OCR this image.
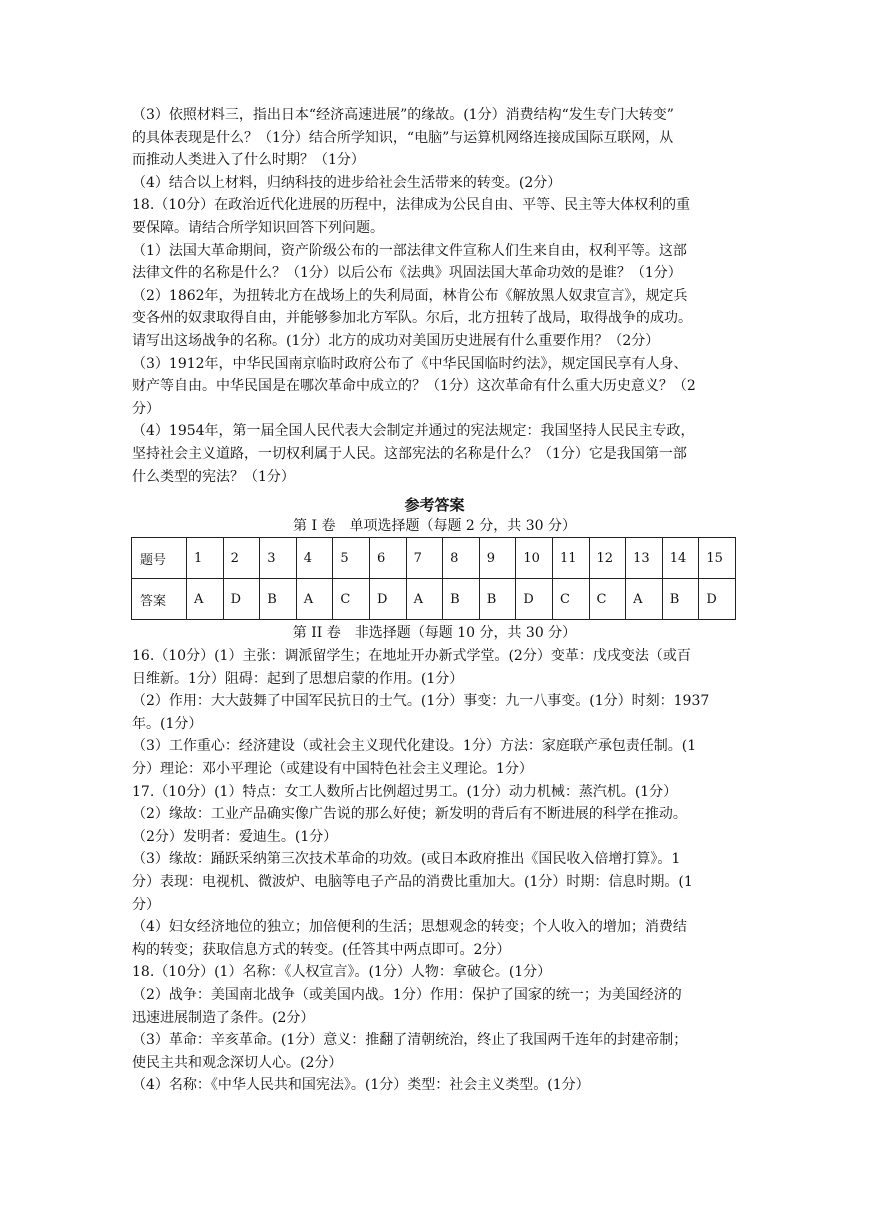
（3）依照材料三，指出日本“经济高速进展”的缘故。(1分）消费结构“发生专门大转变”
的具体表现是什么？（1分）结合所学知识，“电脑”与运算机网络连接成国际互联网，从
而推动人类进入了什么时期？（1分）
（4）结合以上材料，归纳科技的进步给社会生活带来的转变。(2分）
18.（10分）在政治近代化进展的历程中，法律成为公民自由、平等、民主等大体权利的重
要保障。请结合所学知识回答下列问题。
（1）法国大革命期间，资产阶级公布的一部法律文件宣称人们生来自由，权利平等。这部
法律文件的名称是什么？（1分）以后公布《法典》巩固法国大革命功效的是谁？（1分）
（2）1862年，为扭转北方在战场上的失利局面，林肯公布《解放黑人奴隶宣言》，规定兵
变各州的奴隶取得自由，并能够参加北方军队。尔后，北方扭转了战局，取得战争的成功。
请写出这场战争的名称。(1分）北方的成功对美国历史进展有什么重要作用？（2分）
（3）1912年，中华民国南京临时政府公布了《中华民国临时约法》，规定国民享有人身、
财产等自由。中华民国是在哪次革命中成立的？（1分）这次革命有什么重大历史意义？（2
分）
（4）1954年，第一届全国人民代表大会制定并通过的宪法规定：我国坚持人民民主专政，
坚持社会主义道路，一切权利属于人民。这部宪法的名称是什么？（1分）它是我国第一部
什么类型的宪法？（1分）
参考答案
第 I 卷　单项选择题（每题 2 分，共 30 分）
题号	1	2	3	4	5	6	7	8	9	10	11	12	13	14	15
答案	A	D	B	A	C	D	A	B	B	D	C	C	A	B	D
第 II 卷　非选择题（每题 10 分，共 30 分）
16.（10分）(1）主张：调派留学生；在地址开办新式学堂。(2分）变革：戊戌变法（或百
日维新。1分）阻碍：起到了思想启蒙的作用。(1分）
（2）作用：大大鼓舞了中国军民抗日的士气。(1分）事变：九一八事变。(1分）时刻：1937
年。(1分）
（3）工作重心：经济建设（或社会主义现代化建设。1分）方法：家庭联产承包责任制。(1
分）理论：邓小平理论（或建设有中国特色社会主义理论。1分）
17.（10分）(1）特点：女工人数所占比例超过男工。(1分）动力机械：蒸汽机。(1分）
（2）缘故：工业产品确实像广告说的那么好使；新发明的背后有不断进展的科学在推动。
（2分）发明者：爱迪生。(1分）
（3）缘故：踊跃采纳第三次技术革命的功效。(或日本政府推出《国民收入倍增打算》。1
分）表现：电视机、微波炉、电脑等电子产品的消费比重加大。(1分）时期：信息时期。(1
分）
（4）妇女经济地位的独立；加倍便利的生活；思想观念的转变；个人收入的增加；消费结
构的转变；获取信息方式的转变。(任答其中两点即可。2分）
18.（10分）(1）名称：《人权宣言》。(1分）人物：拿破仑。(1分）
（2）战争：美国南北战争（或美国内战。1分）作用：保护了国家的统一；为美国经济的
迅速进展制造了条件。(2分）
（3）革命：辛亥革命。(1分）意义：推翻了清朝统治，终止了我国两千连年的封建帝制；
使民主共和观念深切人心。(2分）
（4）名称：《中华人民共和国宪法》。(1分）类型：社会主义类型。(1分）
